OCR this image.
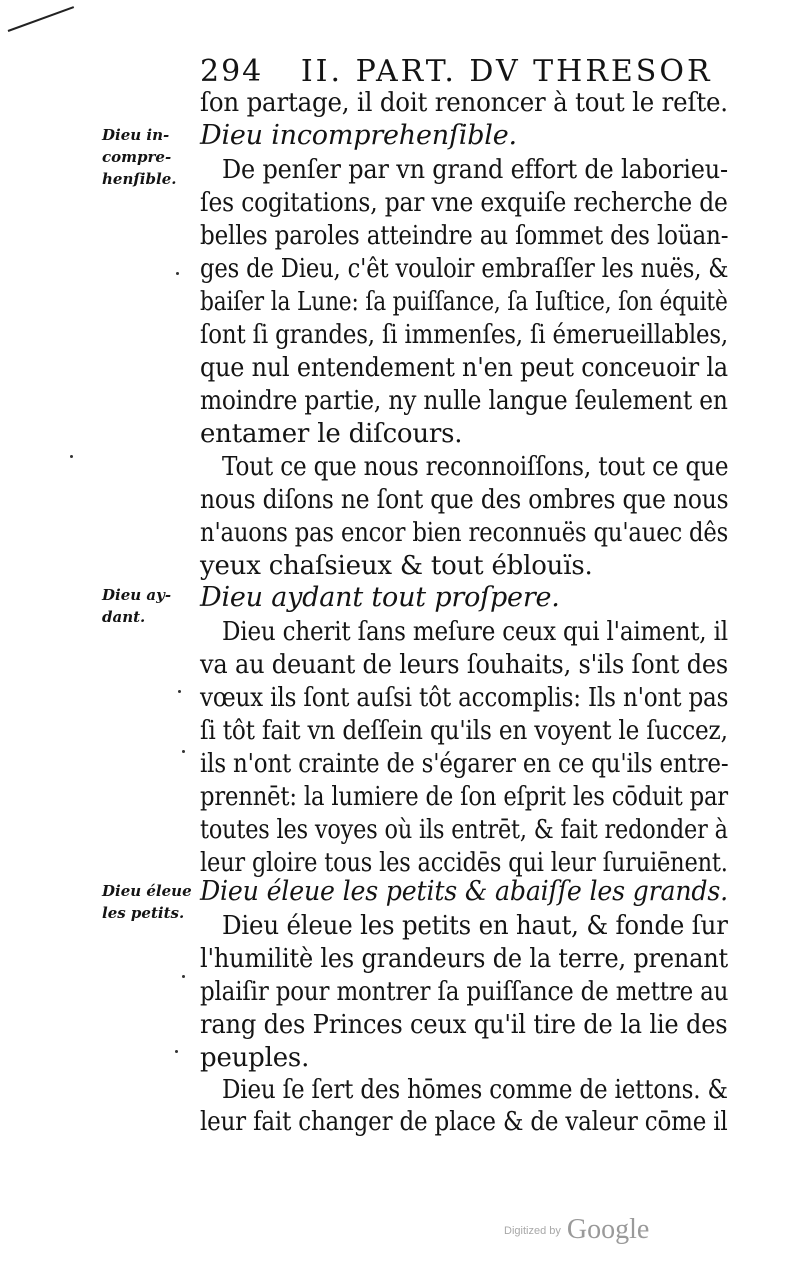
294 II. PART. DV THRESOR
Dieu in-
compre-
henſible.
Dieu ay-
dant.
Dieu éleue
les petits.
ſon partage, il doit renoncer à tout le reſte.
Dieu incomprehenſible.
De penſer par vn grand effort de laborieu-
ſes cogitations, par vne exquiſe recherche de
belles paroles atteindre au ſommet des loüan-
ges de Dieu, c'êt vouloir embraſſer les nuës, &
baiſer la Lune: ſa puiſſance, ſa Iuſtice, ſon équitè
ſont ſi grandes, ſi immenſes, ſi émerueillables,
que nul entendement n'en peut conceuoir la
moindre partie, ny nulle langue ſeulement en
entamer le diſcours.
Tout ce que nous reconnoiſſons, tout ce que
nous diſons ne ſont que des ombres que nous
n'auons pas encor bien reconnuës qu'auec dês
yeux chaſsieux & tout éblouïs.
Dieu aydant tout proſpere.
Dieu cherit ſans meſure ceux qui l'aiment, il
va au deuant de leurs ſouhaits, s'ils ſont des
vœux ils ſont auſsi tôt accomplis: Ils n'ont pas
ſi tôt fait vn deſſein qu'ils en voyent le ſuccez,
ils n'ont crainte de s'égarer en ce qu'ils entre-
prennēt: la lumiere de ſon eſprit les cōduit par
toutes les voyes où ils entrēt, & fait redonder à
leur gloire tous les accidēs qui leur ſuruiēnent.
Dieu éleue les petits & abaiſſe les grands.
Dieu éleue les petits en haut, & fonde ſur
l'humilitè les grandeurs de la terre, prenant
plaiſir pour montrer ſa puiſſance de mettre au
rang des Princes ceux qu'il tire de la lie des
peuples.
Dieu ſe ſert des hōmes comme de iettons. &
leur fait changer de place & de valeur cōme il
$^{Digitized by}$ Google
